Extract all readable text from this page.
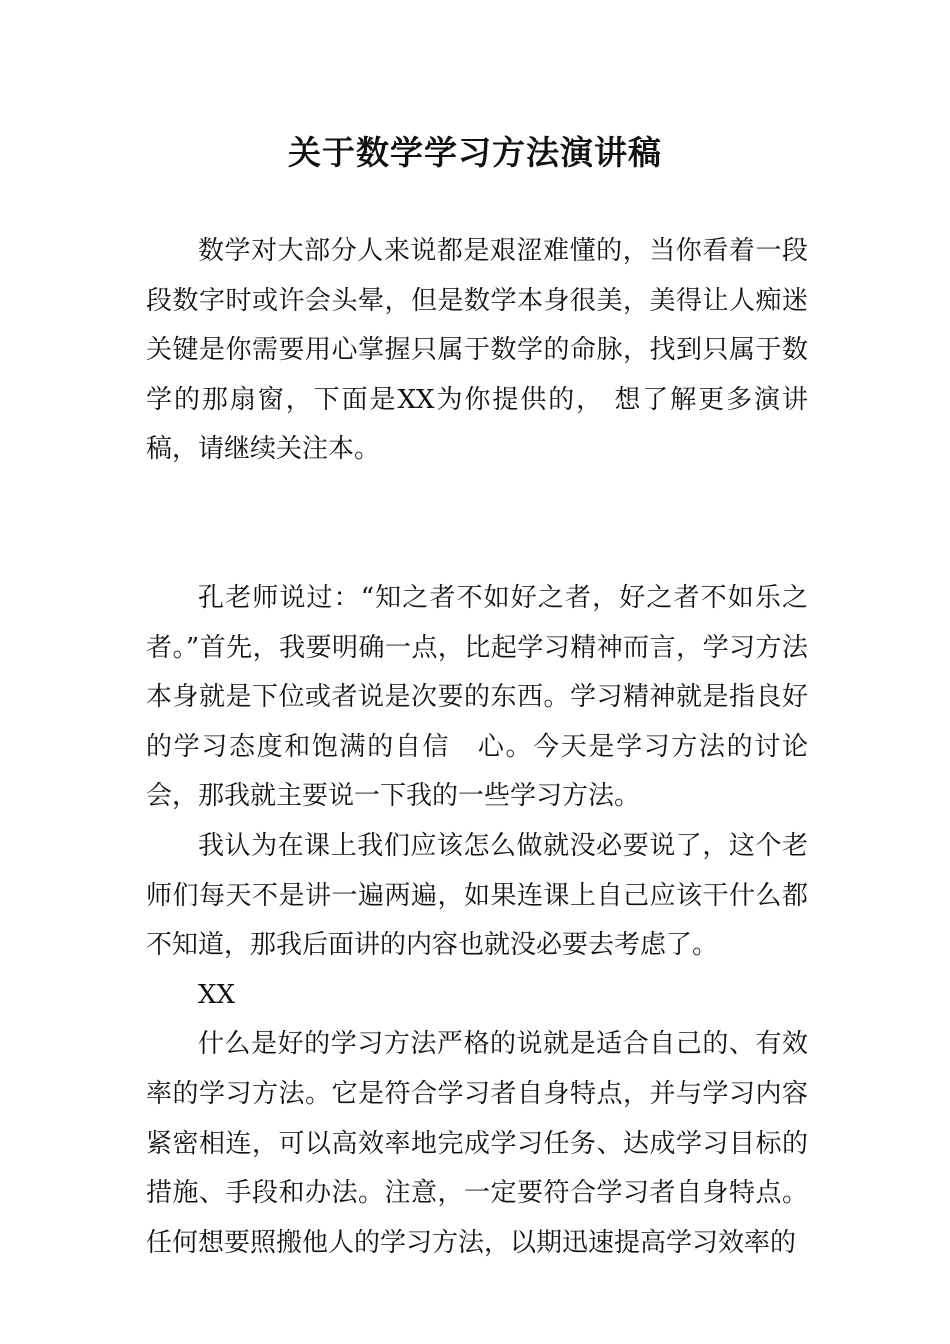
关于数学学习方法演讲稿

数学对大部分人来说都是艰涩难懂的，当你看着一段段数字时或许会头晕，但是数学本身很美，美得让人痴迷关键是你需要用心掌握只属于数学的命脉，找到只属于数学的那扇窗，下面是XX为你提供的， 想了解更多演讲稿，请继续关注本。

孔老师说过：“知之者不如好之者，好之者不如乐之者。”首先，我要明确一点，比起学习精神而言，学习方法本身就是下位或者说是次要的东西。学习精神就是指良好的学习态度和饱满的自信　心。今天是学习方法的讨论会，那我就主要说一下我的一些学习方法。

我认为在课上我们应该怎么做就没必要说了，这个老师们每天不是讲一遍两遍，如果连课上自己应该干什么都不知道，那我后面讲的内容也就没必要去考虑了。

XX

什么是好的学习方法严格的说就是适合自己的、有效率的学习方法。它是符合学习者自身特点，并与学习内容紧密相连，可以高效率地完成学习任务、达成学习目标的措施、手段和办法。注意，一定要符合学习者自身特点。任何想要照搬他人的学习方法，以期迅速提高学习效率的
